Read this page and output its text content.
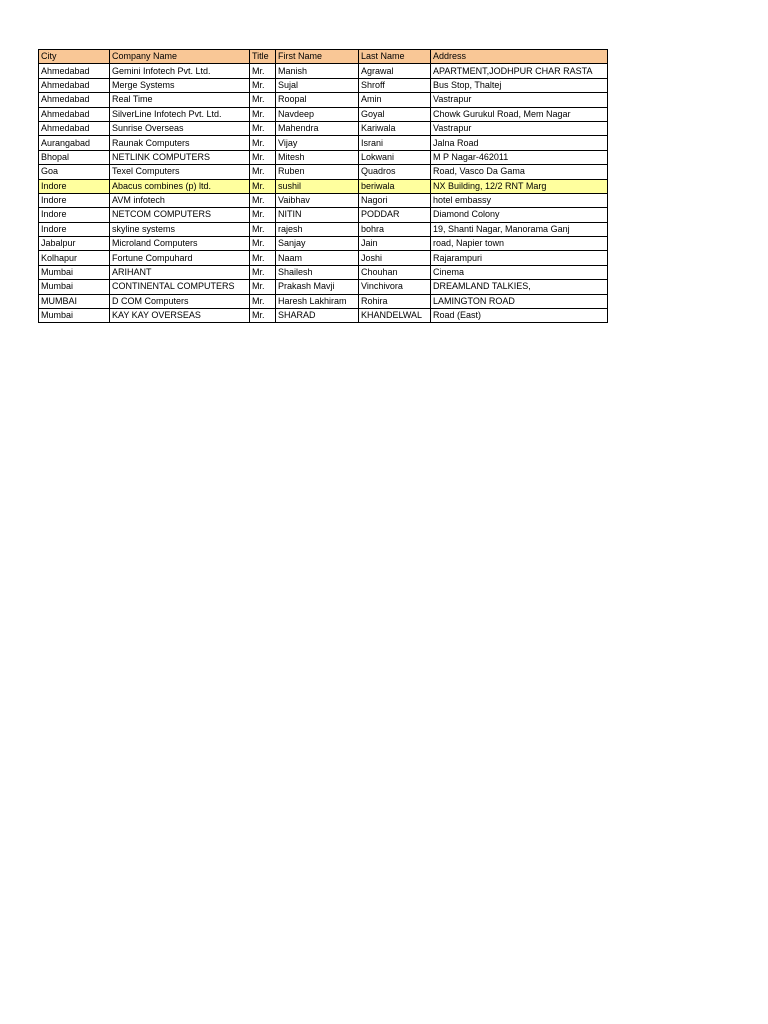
City	Company Name	Title	First Name	Last Name	Address
Ahmedabad	Gemini Infotech Pvt. Ltd.	Mr.	Manish	Agrawal	APARTMENT,JODHPUR CHAR RASTA
Ahmedabad	Merge Systems	Mr.	Sujal	Shroff	Bus Stop, Thaltej
Ahmedabad	Real Time	Mr.	Roopal	Amin	Vastrapur
Ahmedabad	SilverLine Infotech Pvt. Ltd.	Mr.	Navdeep	Goyal	Chowk Gurukul Road, Mem Nagar
Ahmedabad	Sunrise Overseas	Mr.	Mahendra	Kariwala	Vastrapur
Aurangabad	Raunak Computers	Mr.	Vijay	Israni	Jalna Road
Bhopal	NETLINK COMPUTERS	Mr.	Mitesh	Lokwani	M P Nagar-462011
Goa	Texel Computers	Mr.	Ruben	Quadros	Road, Vasco Da Gama
Indore	Abacus combines (p) ltd.	Mr.	sushil	beriwala	NX Building, 12/2 RNT Marg
Indore	AVM infotech	Mr.	Vaibhav	Nagori	hotel embassy
Indore	NETCOM COMPUTERS	Mr.	NITIN	PODDAR	Diamond Colony
Indore	skyline systems	Mr.	rajesh	bohra	19, Shanti Nagar, Manorama Ganj
Jabalpur	Microland Computers	Mr.	Sanjay	Jain	road, Napier town
Kolhapur	Fortune Compuhard	Mr.	Naam	Joshi	Rajarampuri
Mumbai	ARIHANT	Mr.	Shailesh	Chouhan	Cinema
Mumbai	CONTINENTAL COMPUTERS	Mr.	Prakash Mavji	Vinchivora	DREAMLAND TALKIES,
MUMBAI	D COM Computers	Mr.	Haresh Lakhiram	Rohira	LAMINGTON ROAD
Mumbai	KAY KAY OVERSEAS	Mr.	SHARAD	KHANDELWAL	Road (East)
